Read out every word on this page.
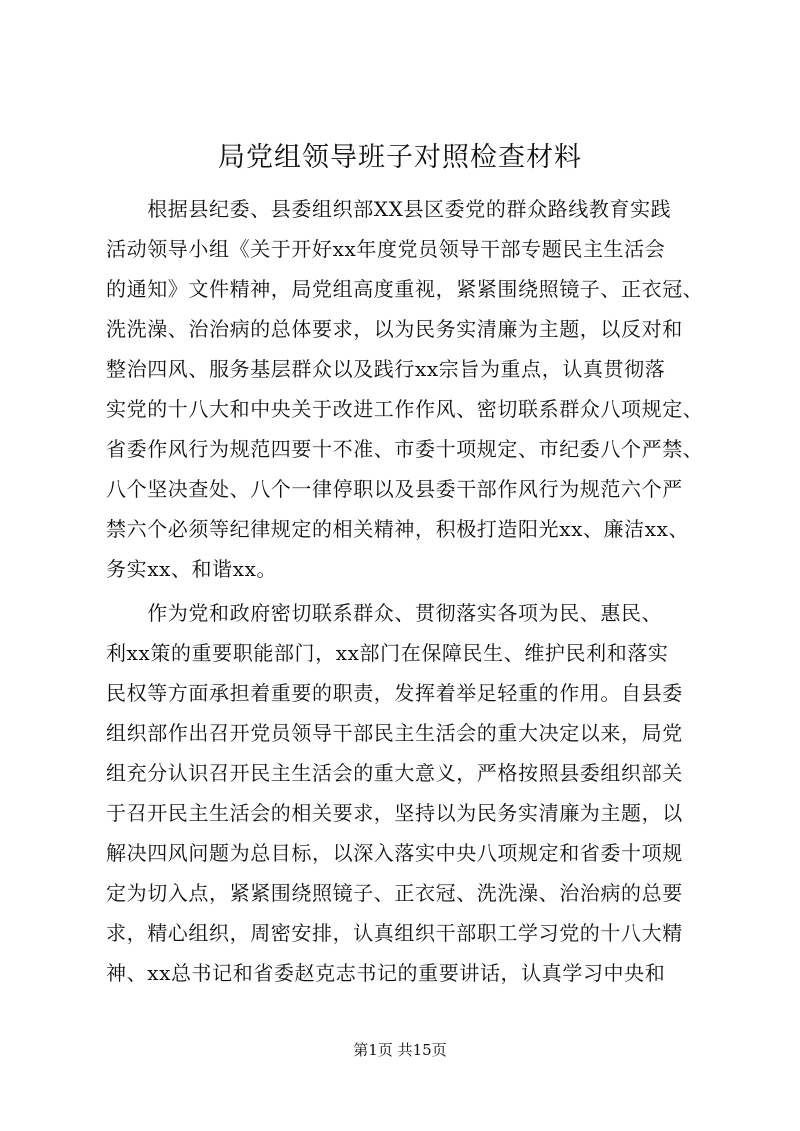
局党组领导班子对照检查材料
　　根据县纪委、县委组织部XX县区委党的群众路线教育实践
活动领导小组《关于开好xx年度党员领导干部专题民主生活会
的通知》文件精神，局党组高度重视，紧紧围绕照镜子、正衣冠、
洗洗澡、治治病的总体要求，以为民务实清廉为主题，以反对和
整治四风、服务基层群众以及践行xx宗旨为重点，认真贯彻落
实党的十八大和中央关于改进工作作风、密切联系群众八项规定、
省委作风行为规范四要十不准、市委十项规定、市纪委八个严禁、
八个坚决查处、八个一律停职以及县委干部作风行为规范六个严
禁六个必须等纪律规定的相关精神，积极打造阳光xx、廉洁xx、
务实xx、和谐xx。
　　作为党和政府密切联系群众、贯彻落实各项为民、惠民、
利xx策的重要职能部门，xx部门在保障民生、维护民利和落实
民权等方面承担着重要的职责，发挥着举足轻重的作用。自县委
组织部作出召开党员领导干部民主生活会的重大决定以来，局党
组充分认识召开民主生活会的重大意义，严格按照县委组织部关
于召开民主生活会的相关要求，坚持以为民务实清廉为主题，以
解决四风问题为总目标，以深入落实中央八项规定和省委十项规
定为切入点，紧紧围绕照镜子、正衣冠、洗洗澡、治治病的总要
求，精心组织，周密安排，认真组织干部职工学习党的十八大精
神、xx总书记和省委赵克志书记的重要讲话，认真学习中央和
第1页 共15页
